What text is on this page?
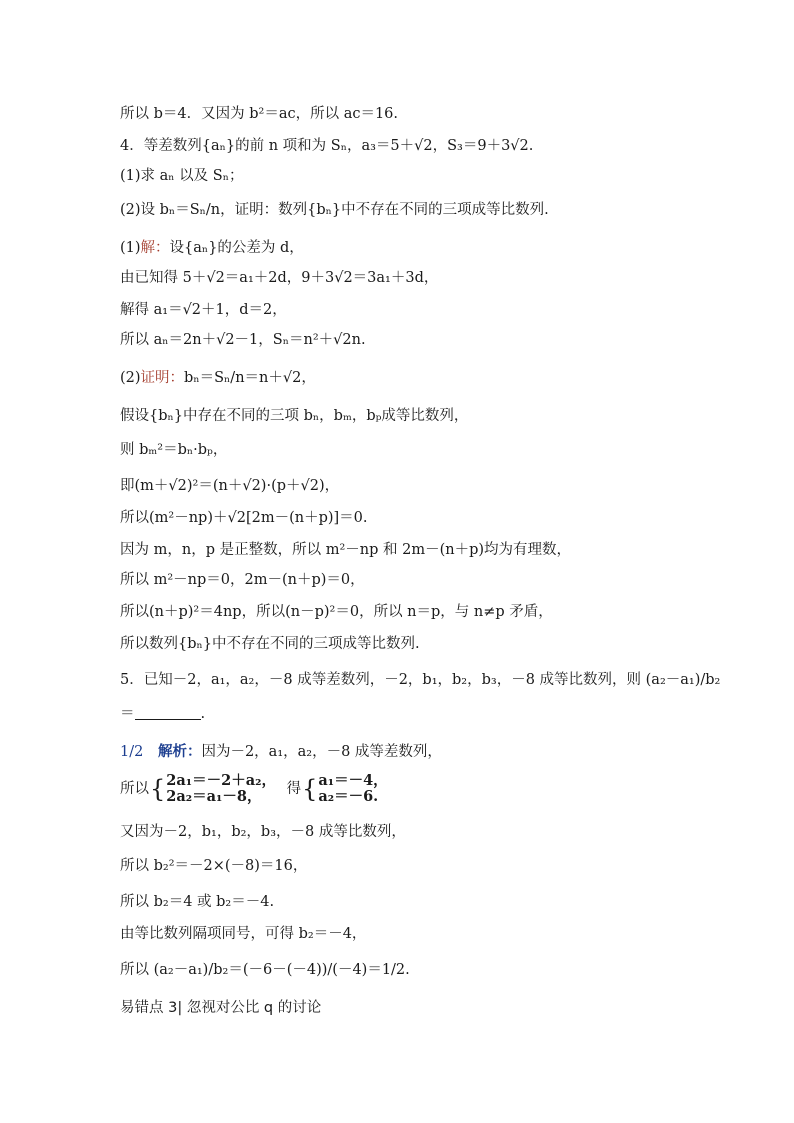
所以 b＝4．又因为 b²＝ac，所以 ac＝16.
4．等差数列{aₙ}的前 n 项和为 Sₙ，a₃＝5＋√2，S₃＝9＋3√2.
(1)求 aₙ 以及 Sₙ；
(2)设 bₙ＝Sₙ/n，证明：数列{bₙ}中不存在不同的三项成等比数列.
(1)解：设{aₙ}的公差为 d，
由已知得 5＋√2＝a₁＋2d，9＋3√2＝3a₁＋3d，
解得 a₁＝√2＋1，d＝2，
所以 aₙ＝2n＋√2－1，Sₙ＝n²＋√2n.
(2)证明：bₙ＝Sₙ/n＝n＋√2，
假设{bₙ}中存在不同的三项 bₙ，bₘ，bₚ成等比数列，
则 bₘ²＝bₙ·bₚ，
即(m＋√2)²＝(n＋√2)·(p＋√2)，
所以(m²－np)＋√2[2m－(n＋p)]＝0.
因为 m，n，p 是正整数，所以 m²－np 和 2m－(n＋p)均为有理数，
所以 m²－np＝0，2m－(n＋p)＝0，
所以(n＋p)²＝4np，所以(n－p)²＝0，所以 n＝p，与 n≠p 矛盾，
所以数列{bₙ}中不存在不同的三项成等比数列.
5．已知－2，a₁，a₂，－8 成等差数列，－2，b₁，b₂，b₃，－8 成等比数列，则 (a₂－a₁)/b₂
＝	.
1/2 解析：因为－2，a₁，a₂，－8 成等差数列，
所以{2a₁＝－2＋a₂，
2a₂＝a₁－8， 得{a₁＝－4，
a₂＝－6.
又因为－2，b₁，b₂，b₃，－8 成等比数列，
所以 b₂²＝－2×(－8)＝16，
所以 b₂＝4 或 b₂＝－4.
由等比数列隔项同号，可得 b₂＝－4，
所以 (a₂－a₁)/b₂＝(－6－(－4))/(－4)＝1/2.
易错点 3| 忽视对公比 q 的讨论
